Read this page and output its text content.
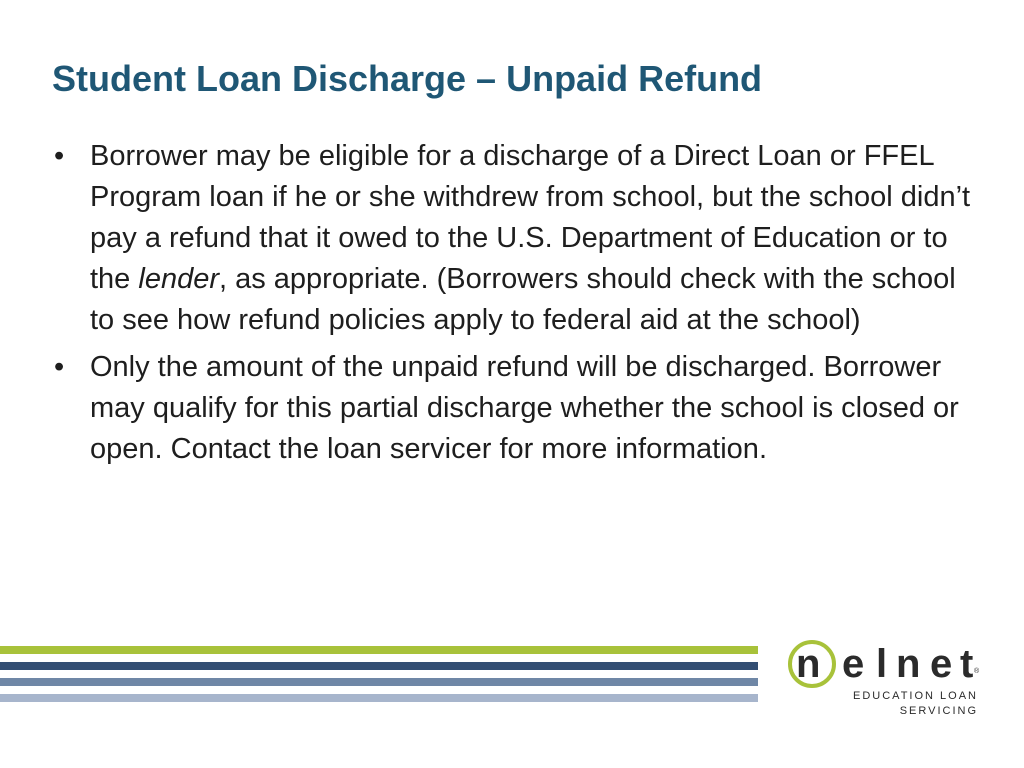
Student Loan Discharge – Unpaid Refund
• Borrower may be eligible for a discharge of a Direct Loan or FFEL Program loan if he or she withdrew from school, but the school didn’t pay a refund that it owed to the U.S. Department of Education or to the lender, as appropriate. (Borrowers should check with the school to see how refund policies apply to federal aid at the school)
• Only the amount of the unpaid refund will be discharged. Borrower may qualify for this partial discharge whether the school is closed or open. Contact the loan servicer for more information.
n e l n e t ®
EDUCATION LOAN
SERVICING
